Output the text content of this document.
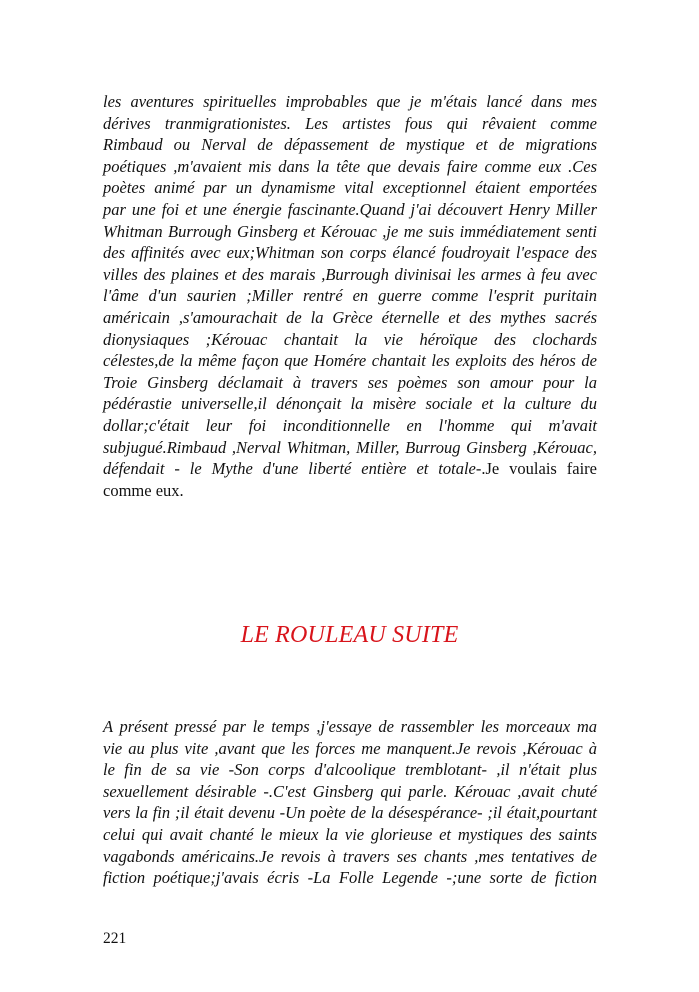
les aventures spirituelles improbables que je m'étais lancé dans mes
dérives tranmigrationistes. Les artistes fous qui rêvaient comme
Rimbaud ou Nerval de dépassement de mystique et de migrations
poétiques ,m'avaient mis dans la tête que devais faire comme eux .Ces
poètes animé par un dynamisme vital exceptionnel étaient emportées
par une foi et une énergie fascinante.Quand j'ai découvert Henry Miller
Whitman Burrough Ginsberg et Kérouac ,je me suis immédiatement senti
des affinités avec eux;Whitman son corps élancé foudroyait l'espace des
villes des plaines et des marais ,Burrough divinisai les armes à feu avec
l'âme d'un saurien ;Miller rentré en guerre comme l'esprit puritain
américain ,s'amourachait de la Grèce éternelle et des mythes sacrés
dionysiaques ;Kérouac chantait la vie héroïque des clochards
célestes,de la même façon que Homére chantait les exploits des héros de
Troie Ginsberg déclamait à travers ses poèmes son amour pour la
pédérastie universelle,il dénonçait la misère sociale et la culture du
dollar;c'était leur foi inconditionnelle en l'homme qui m'avait
subjugué.Rimbaud ,Nerval Whitman, Miller, Burroug Ginsberg ,Kérouac,
défendait - le Mythe d'une liberté entière et totale-.Je voulais faire
comme eux.
LE ROULEAU SUITE
A présent pressé par le temps ,j'essaye de rassembler les morceaux ma
vie au plus vite ,avant que les forces me manquent.Je revois ,Kérouac à
le fin de sa vie -Son corps d'alcoolique tremblotant- ,il n'était plus
sexuellement désirable -.C'est Ginsberg qui parle. Kérouac ,avait chuté
vers la fin ;il était devenu -Un poète de la désespérance- ;il était,pourtant
celui qui avait chanté le mieux la vie glorieuse et mystiques des saints
vagabonds américains.Je revois à travers ses chants ,mes tentatives de
fiction poétique;j'avais écris -La Folle Legende -;une sorte de fiction
221
